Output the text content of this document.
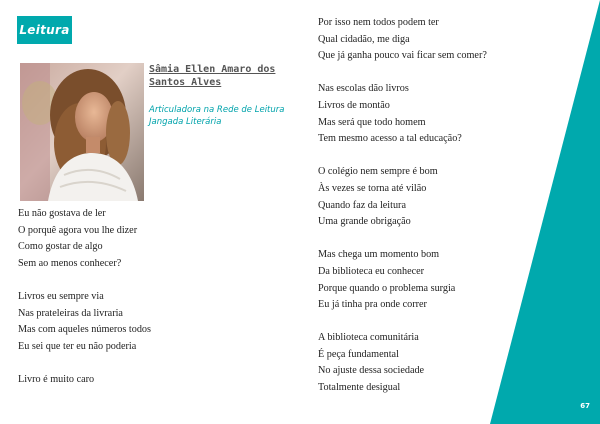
Leitura
Sâmia Ellen Amaro dos Santos Alves
Articuladora na Rede de Leitura Jangada Literária
Eu não gostava de ler
O porquê agora vou lhe dizer
Como gostar de algo
Sem ao menos conhecer?
Livros eu sempre via
Nas prateleiras da livraria
Mas com aqueles números todos
Eu sei que ter eu não poderia
Livro é muito caro
Por isso nem todos podem ter
Qual cidadão, me diga
Que já ganha pouco vai ficar sem comer?
Nas escolas dão livros
Livros de montão
Mas será que todo homem
Tem mesmo acesso a tal educação?
O colégio nem sempre é bom
Às vezes se torna até vilão
Quando faz da leitura
Uma grande obrigação
Mas chega um momento bom
Da biblioteca eu conhecer
Porque quando o problema surgia
Eu já tinha pra onde correr
A biblioteca comunitária
É peça fundamental
No ajuste dessa sociedade
Totalmente desigual
67
